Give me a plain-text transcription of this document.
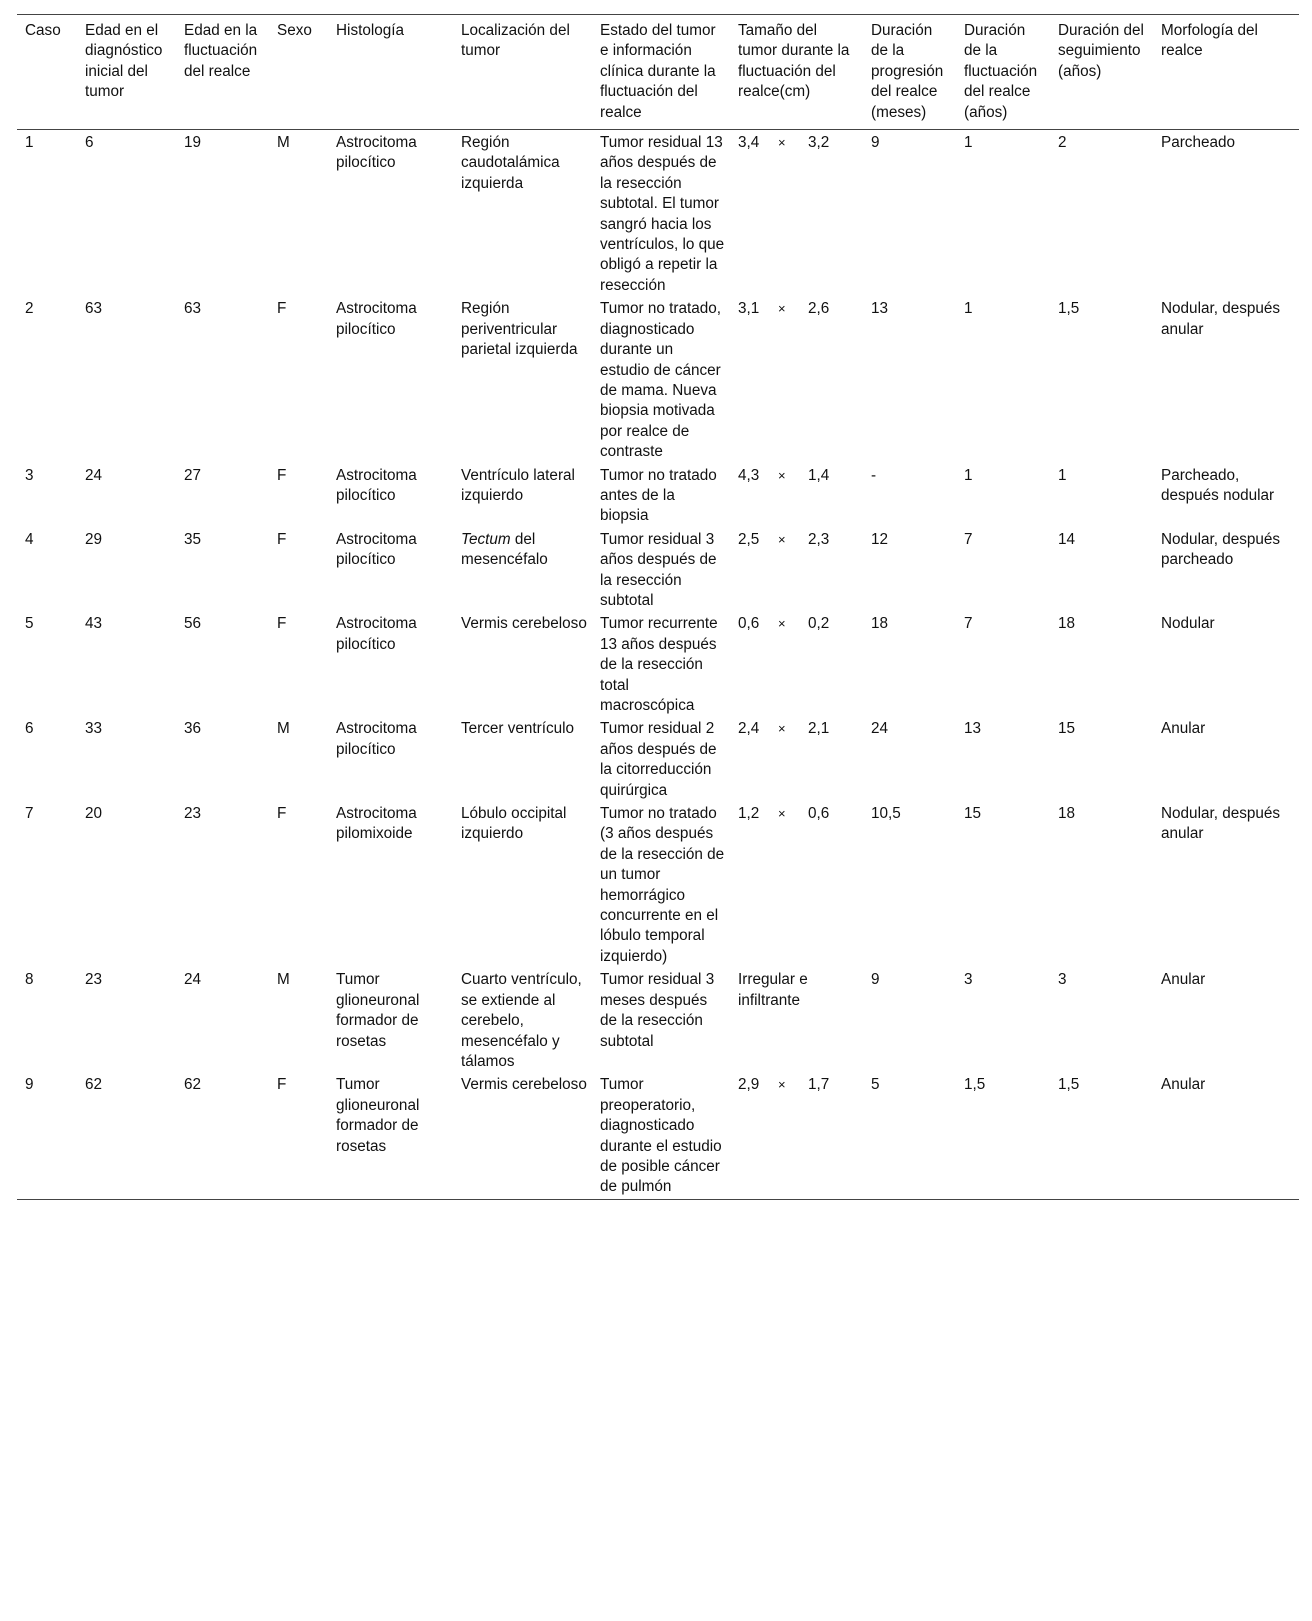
Caso	Edad en el diagnóstico inicial del tumor	Edad en la fluctuación del realce	Sexo	Histología	Localización del tumor	Estado del tumor e información clínica durante la fluctuación del realce	Tamaño del tumor durante la fluctuación del realce(cm)	Duración de la progresión del realce (meses)	Duración de la fluctuación del realce (años)	Duración del seguimiento (años)	Morfología del realce
1	6	19	M	Astrocitoma pilocítico	Región caudotalámica izquierda	Tumor residual 13 años después de la resección subtotal. El tumor sangró hacia los ventrículos, lo que obligó a repetir la resección	3,4 × 3,2	9	1	2	Parcheado
2	63	63	F	Astrocitoma pilocítico	Región periventricular parietal izquierda	Tumor no tratado, diagnosticado durante un estudio de cáncer de mama. Nueva biopsia motivada por realce de contraste	3,1 × 2,6	13	1	1,5	Nodular, después anular
3	24	27	F	Astrocitoma pilocítico	Ventrículo lateral izquierdo	Tumor no tratado antes de la biopsia	4,3 × 1,4	-	1	1	Parcheado, después nodular
4	29	35	F	Astrocitoma pilocítico	Tectum del mesencéfalo	Tumor residual 3 años después de la resección subtotal	2,5 × 2,3	12	7	14	Nodular, después parcheado
5	43	56	F	Astrocitoma pilocítico	Vermis cerebeloso	Tumor recurrente 13 años después de la resección total macroscópica	0,6 × 0,2	18	7	18	Nodular
6	33	36	M	Astrocitoma pilocítico	Tercer ventrículo	Tumor residual 2 años después de la citorreducción quirúrgica	2,4 × 2,1	24	13	15	Anular
7	20	23	F	Astrocitoma pilomixoide	Lóbulo occipital izquierdo	Tumor no tratado (3 años después de la resección de un tumor hemorrágico concurrente en el lóbulo temporal izquierdo)	1,2 × 0,6	10,5	15	18	Nodular, después anular
8	23	24	M	Tumor glioneuronal formador de rosetas	Cuarto ventrículo, se extiende al cerebelo, mesencéfalo y tálamos	Tumor residual 3 meses después de la resección subtotal	Irregular e infiltrante	9	3	3	Anular
9	62	62	F	Tumor glioneuronal formador de rosetas	Vermis cerebeloso	Tumor preoperatorio, diagnosticado durante el estudio de posible cáncer de pulmón	2,9 × 1,7	5	1,5	1,5	Anular
